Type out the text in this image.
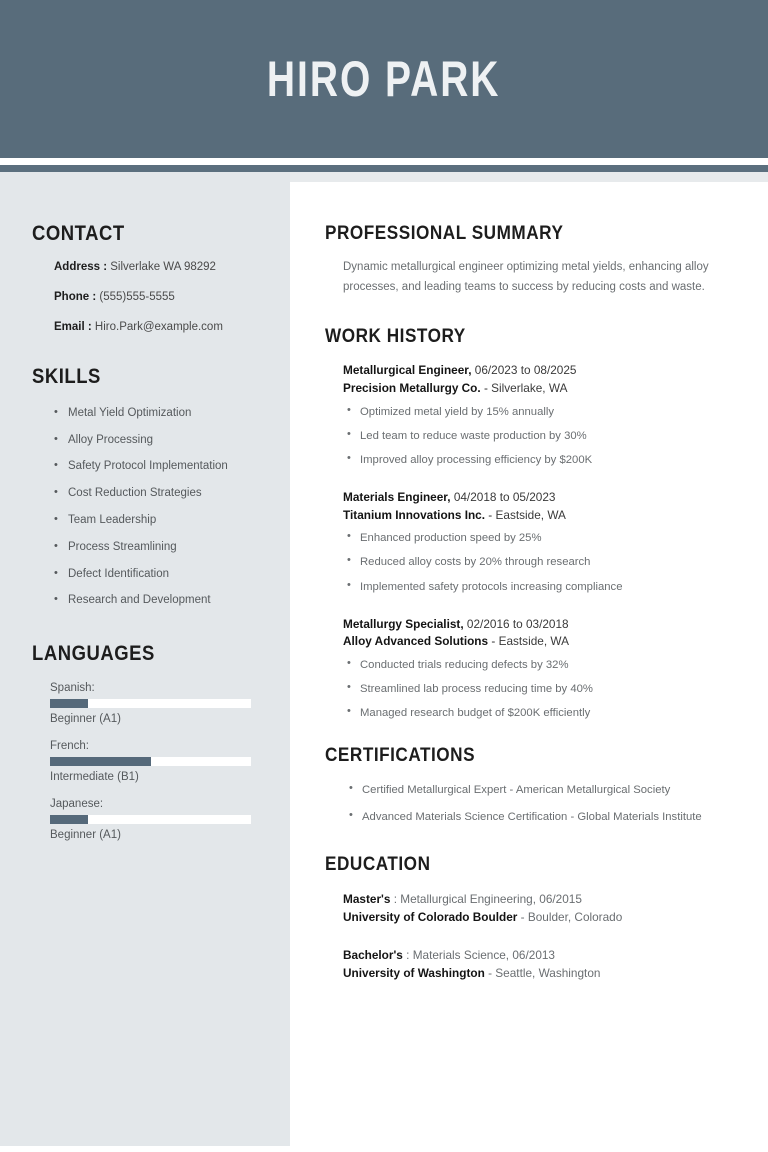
HIRO PARK
CONTACT
Address : Silverlake WA 98292
Phone : (555)555-5555
Email : Hiro.Park@example.com
SKILLS
• Metal Yield Optimization
• Alloy Processing
• Safety Protocol Implementation
• Cost Reduction Strategies
• Team Leadership
• Process Streamlining
• Defect Identification
• Research and Development
LANGUAGES
Spanish:
Beginner (A1)
French:
Intermediate (B1)
Japanese:
Beginner (A1)
PROFESSIONAL SUMMARY

Dynamic metallurgical engineer optimizing metal yields, enhancing alloy processes, and leading teams to success by reducing costs and waste.

WORK HISTORY
Metallurgical Engineer, 06/2023 to 08/2025
Precision Metallurgy Co. - Silverlake, WA
• Optimized metal yield by 15% annually
• Led team to reduce waste production by 30%
• Improved alloy processing efficiency by $200K
Materials Engineer, 04/2018 to 05/2023
Titanium Innovations Inc. - Eastside, WA
• Enhanced production speed by 25%
• Reduced alloy costs by 20% through research
• Implemented safety protocols increasing compliance
Metallurgy Specialist, 02/2016 to 03/2018
Alloy Advanced Solutions - Eastside, WA
• Conducted trials reducing defects by 32%
• Streamlined lab process reducing time by 40%
• Managed research budget of $200K efficiently
CERTIFICATIONS
• Certified Metallurgical Expert - American Metallurgical Society
• Advanced Materials Science Certification - Global Materials Institute
EDUCATION
Master's : Metallurgical Engineering, 06/2015
University of Colorado Boulder - Boulder, Colorado
Bachelor's : Materials Science, 06/2013
University of Washington - Seattle, Washington
